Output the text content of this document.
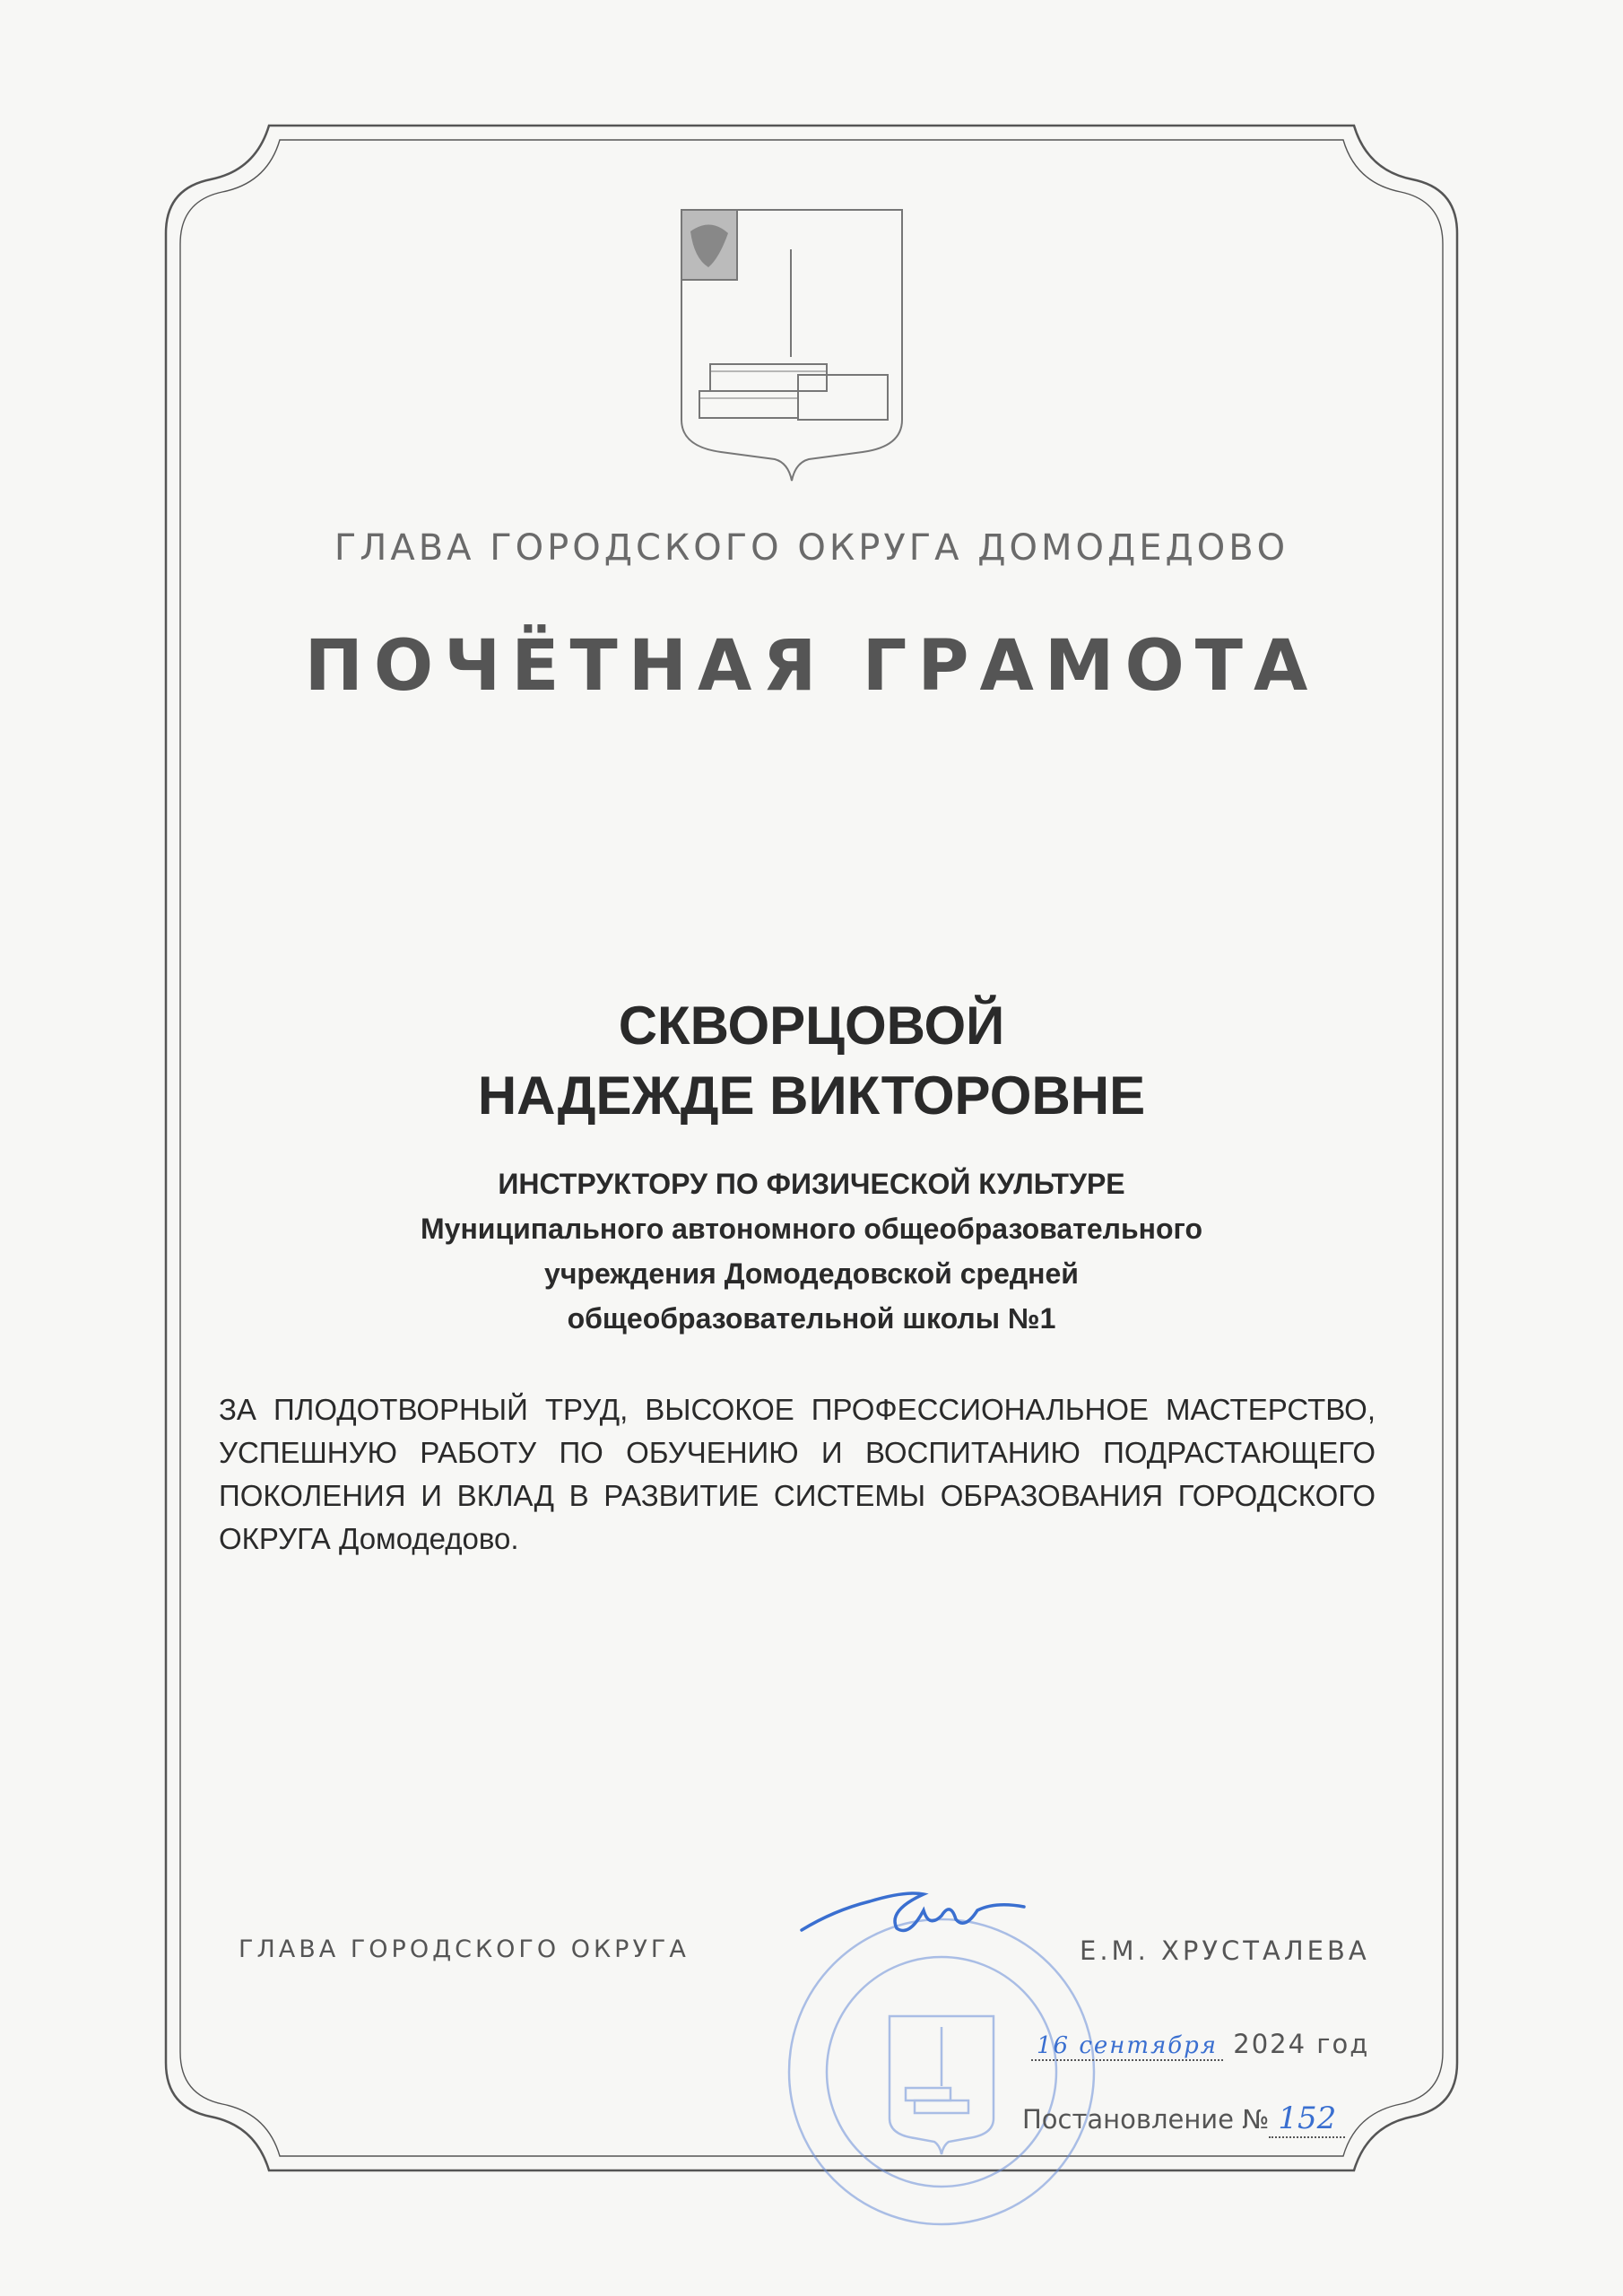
ГЛАВА ГОРОДСКОГО ОКРУГА ДОМОДЕДОВО
ПОЧЁТНАЯ ГРАМОТА
СКВОРЦОВОЙ
НАДЕЖДЕ ВИКТОРОВНЕ
ИНСТРУКТОРУ ПО ФИЗИЧЕСКОЙ КУЛЬТУРЕ
Муниципального автономного общеобразовательного
учреждения Домодедовской средней
общеобразовательной школы №1
ЗА ПЛОДОТВОРНЫЙ ТРУД, ВЫСОКОЕ ПРОФЕССИОНАЛЬНОЕ МАСТЕРСТВО, УСПЕШНУЮ РАБОТУ ПО ОБУЧЕНИЮ И ВОСПИТАНИЮ ПОДРАСТАЮЩЕГО ПОКОЛЕНИЯ И ВКЛАД В РАЗВИТИЕ СИСТЕМЫ ОБРАЗОВАНИЯ ГОРОДСКОГО ОКРУГА Домодедово.
ГЛАВА ГОРОДСКОГО ОКРУГА	Е.М. ХРУСТАЛЕВА
16 сентября 2024 год
Постановление № 152
